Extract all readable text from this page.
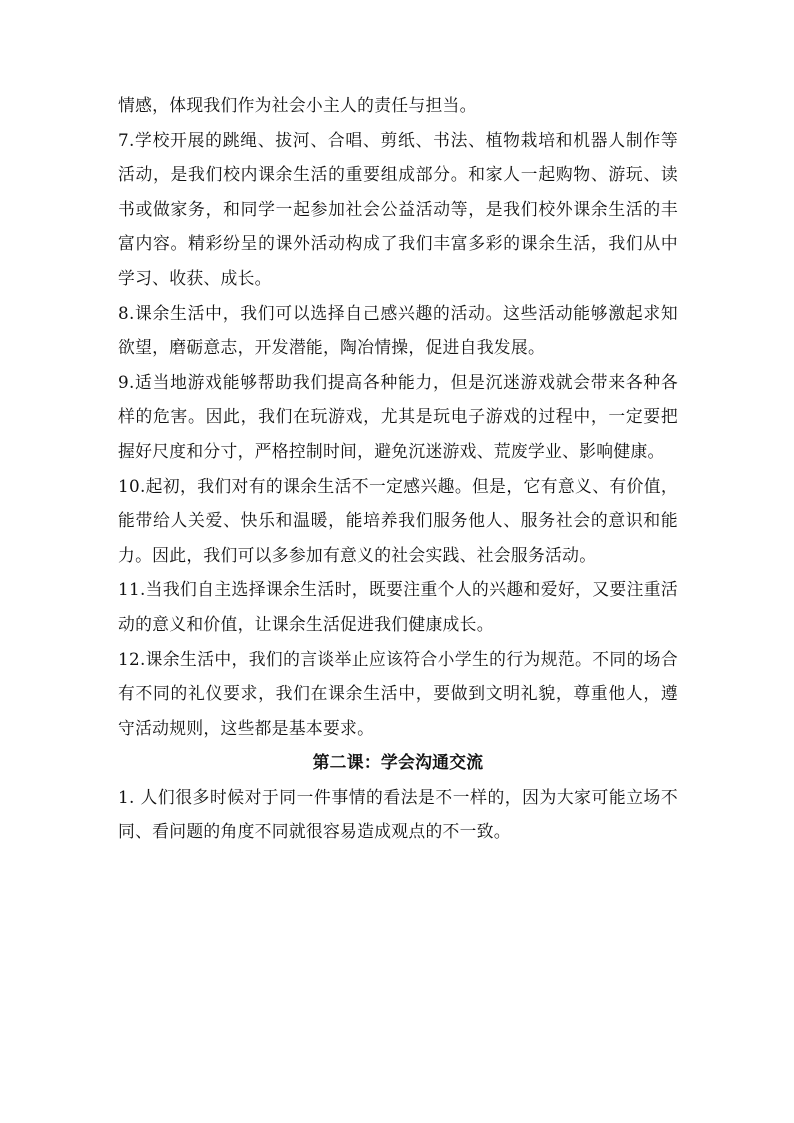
情感，体现我们作为社会小主人的责任与担当。

7.学校开展的跳绳、拔河、合唱、剪纸、书法、植物栽培和机器人制作等活动，是我们校内课余生活的重要组成部分。和家人一起购物、游玩、读书或做家务，和同学一起参加社会公益活动等，是我们校外课余生活的丰富内容。精彩纷呈的课外活动构成了我们丰富多彩的课余生活，我们从中学习、收获、成长。

8.课余生活中，我们可以选择自己感兴趣的活动。这些活动能够激起求知欲望，磨砺意志，开发潜能，陶冶情操，促进自我发展。

9.适当地游戏能够帮助我们提高各种能力，但是沉迷游戏就会带来各种各样的危害。因此，我们在玩游戏，尤其是玩电子游戏的过程中，一定要把握好尺度和分寸，严格控制时间，避免沉迷游戏、荒废学业、影响健康。

10.起初，我们对有的课余生活不一定感兴趣。但是，它有意义、有价值，能带给人关爱、快乐和温暖，能培养我们服务他人、服务社会的意识和能力。因此，我们可以多参加有意义的社会实践、社会服务活动。

11.当我们自主选择课余生活时，既要注重个人的兴趣和爱好，又要注重活动的意义和价值，让课余生活促进我们健康成长。

12.课余生活中，我们的言谈举止应该符合小学生的行为规范。不同的场合有不同的礼仪要求，我们在课余生活中，要做到文明礼貌，尊重他人，遵守活动规则，这些都是基本要求。

第二课：学会沟通交流

1. 人们很多时候对于同一件事情的看法是不一样的，因为大家可能立场不同、看问题的角度不同就很容易造成观点的不一致。
